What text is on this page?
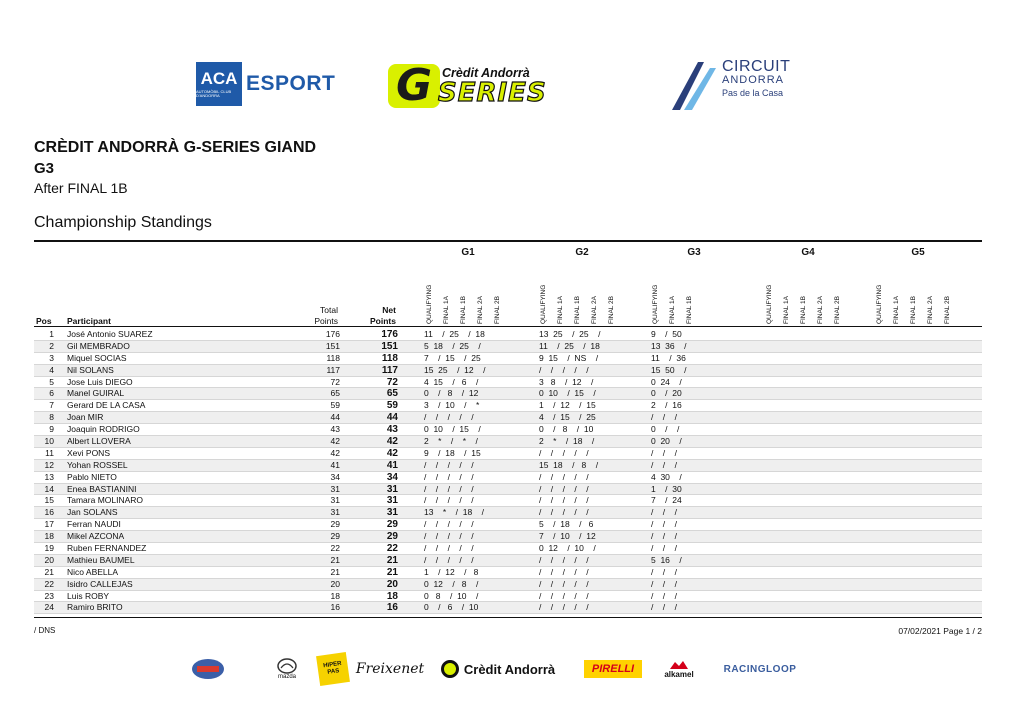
ACA
AUTOMÒBIL CLUB D'ANDORRA
ESPORT G Crèdit Andorrà
SERIES
CIRCUIT
ANDORRA
Pas de la Casa
CRÈDIT ANDORRÀ G-SERIES GIAND
G3
After FINAL 1B
Championship Standings
G1	G2	G3	G4	G5
Pos Participant
Total Points
Net Points	QUALIFYING FINAL 1A FINAL 1B FINAL 2A FINAL 2B	QUALIFYING FINAL 1A FINAL 1B FINAL 2A FINAL 2B	QUALIFYING FINAL 1A FINAL 1B	QUALIFYING FINAL 1A FINAL 1B FINAL 2A FINAL 2B	QUALIFYING FINAL 1A FINAL 1B FINAL 2A FINAL 2B
1 José Antonio SUAREZ	176	176	11    /  25    /  18	13  25    /  25    /	9    /  50
2 Gil MEMBRADO	151	151	5  18    /  25    /	11    /  25    /  18	13  36    /
3 Miquel SOCIAS	118	118	7    /  15    /  25	9  15    /  NS    /	11    /  36
4 Nil SOLANS	117	117	15  25    /  12    /	/    /    /    /    /	15  50    /
5 Jose Luis DIEGO	72	72	4  15    /   6    /	3   8    /  12    /	0  24    /
6 Manel GUIRAL	65	65	0    /   8    /  12	0  10    /  15    /	0    /  20
7 Gerard DE LA CASA	59	59	3    /  10    /    *	1    /  12    /  15	2    /  16
8 Joan MIR	44	44	/    /    /    /    /	4    /  15    /  25	/    /    /
9 Joaquin RODRIGO	43	43	0  10    /  15    /	0    /   8    /  10	0    /    /
10 Albert LLOVERA	42	42	2    *    /    *    /	2    *    /  18    /	0  20    /
11 Xevi PONS	42	42	9    /  18    /  15	/    /    /    /    /	/    /    /
12 Yohan ROSSEL	41	41	/    /    /    /    /	15  18    /   8    /	/    /    /
13 Pablo NIETO	34	34	/    /    /    /    /	/    /    /    /    /	4  30    /
14 Enea BASTIANINI	31	31	/    /    /    /    /	/    /    /    /    /	1    /  30
15 Tamara MOLINARO	31	31	/    /    /    /    /	/    /    /    /    /	7    /  24
16 Jan SOLANS	31	31	13    *    /  18    /	/    /    /    /    /	/    /    /
17 Ferran NAUDI	29	29	/    /    /    /    /	5    /  18    /   6	/    /    /
18 Mikel AZCONA	29	29	/    /    /    /    /	7    /  10    /  12	/    /    /
19 Ruben FERNANDEZ	22	22	/    /    /    /    /	0  12    /  10    /	/    /    /
20 Mathieu BAUMEL	21	21	/    /    /    /    /	/    /    /    /    /	5  16    /
21 Nico ABELLA	21	21	1    /  12    /   8	/    /    /    /    /	/    /    /
22 Isidro CALLEJAS	20	20	0  12    /   8    /	/    /    /    /    /	/    /    /
23 Luis ROBY	18	18	0   8    /  10    /	/    /    /    /    /	/    /    /
24 Ramiro BRITO	16	16	0    /   6    /  10	/    /    /    /    /	/    /    /
/ DNS	07/02/2021 Page 1 / 2
mazda
HIPER PAS	Freixenet	Crèdit Andorrà	PIRELLI	alkamel	RACINGLOOP
